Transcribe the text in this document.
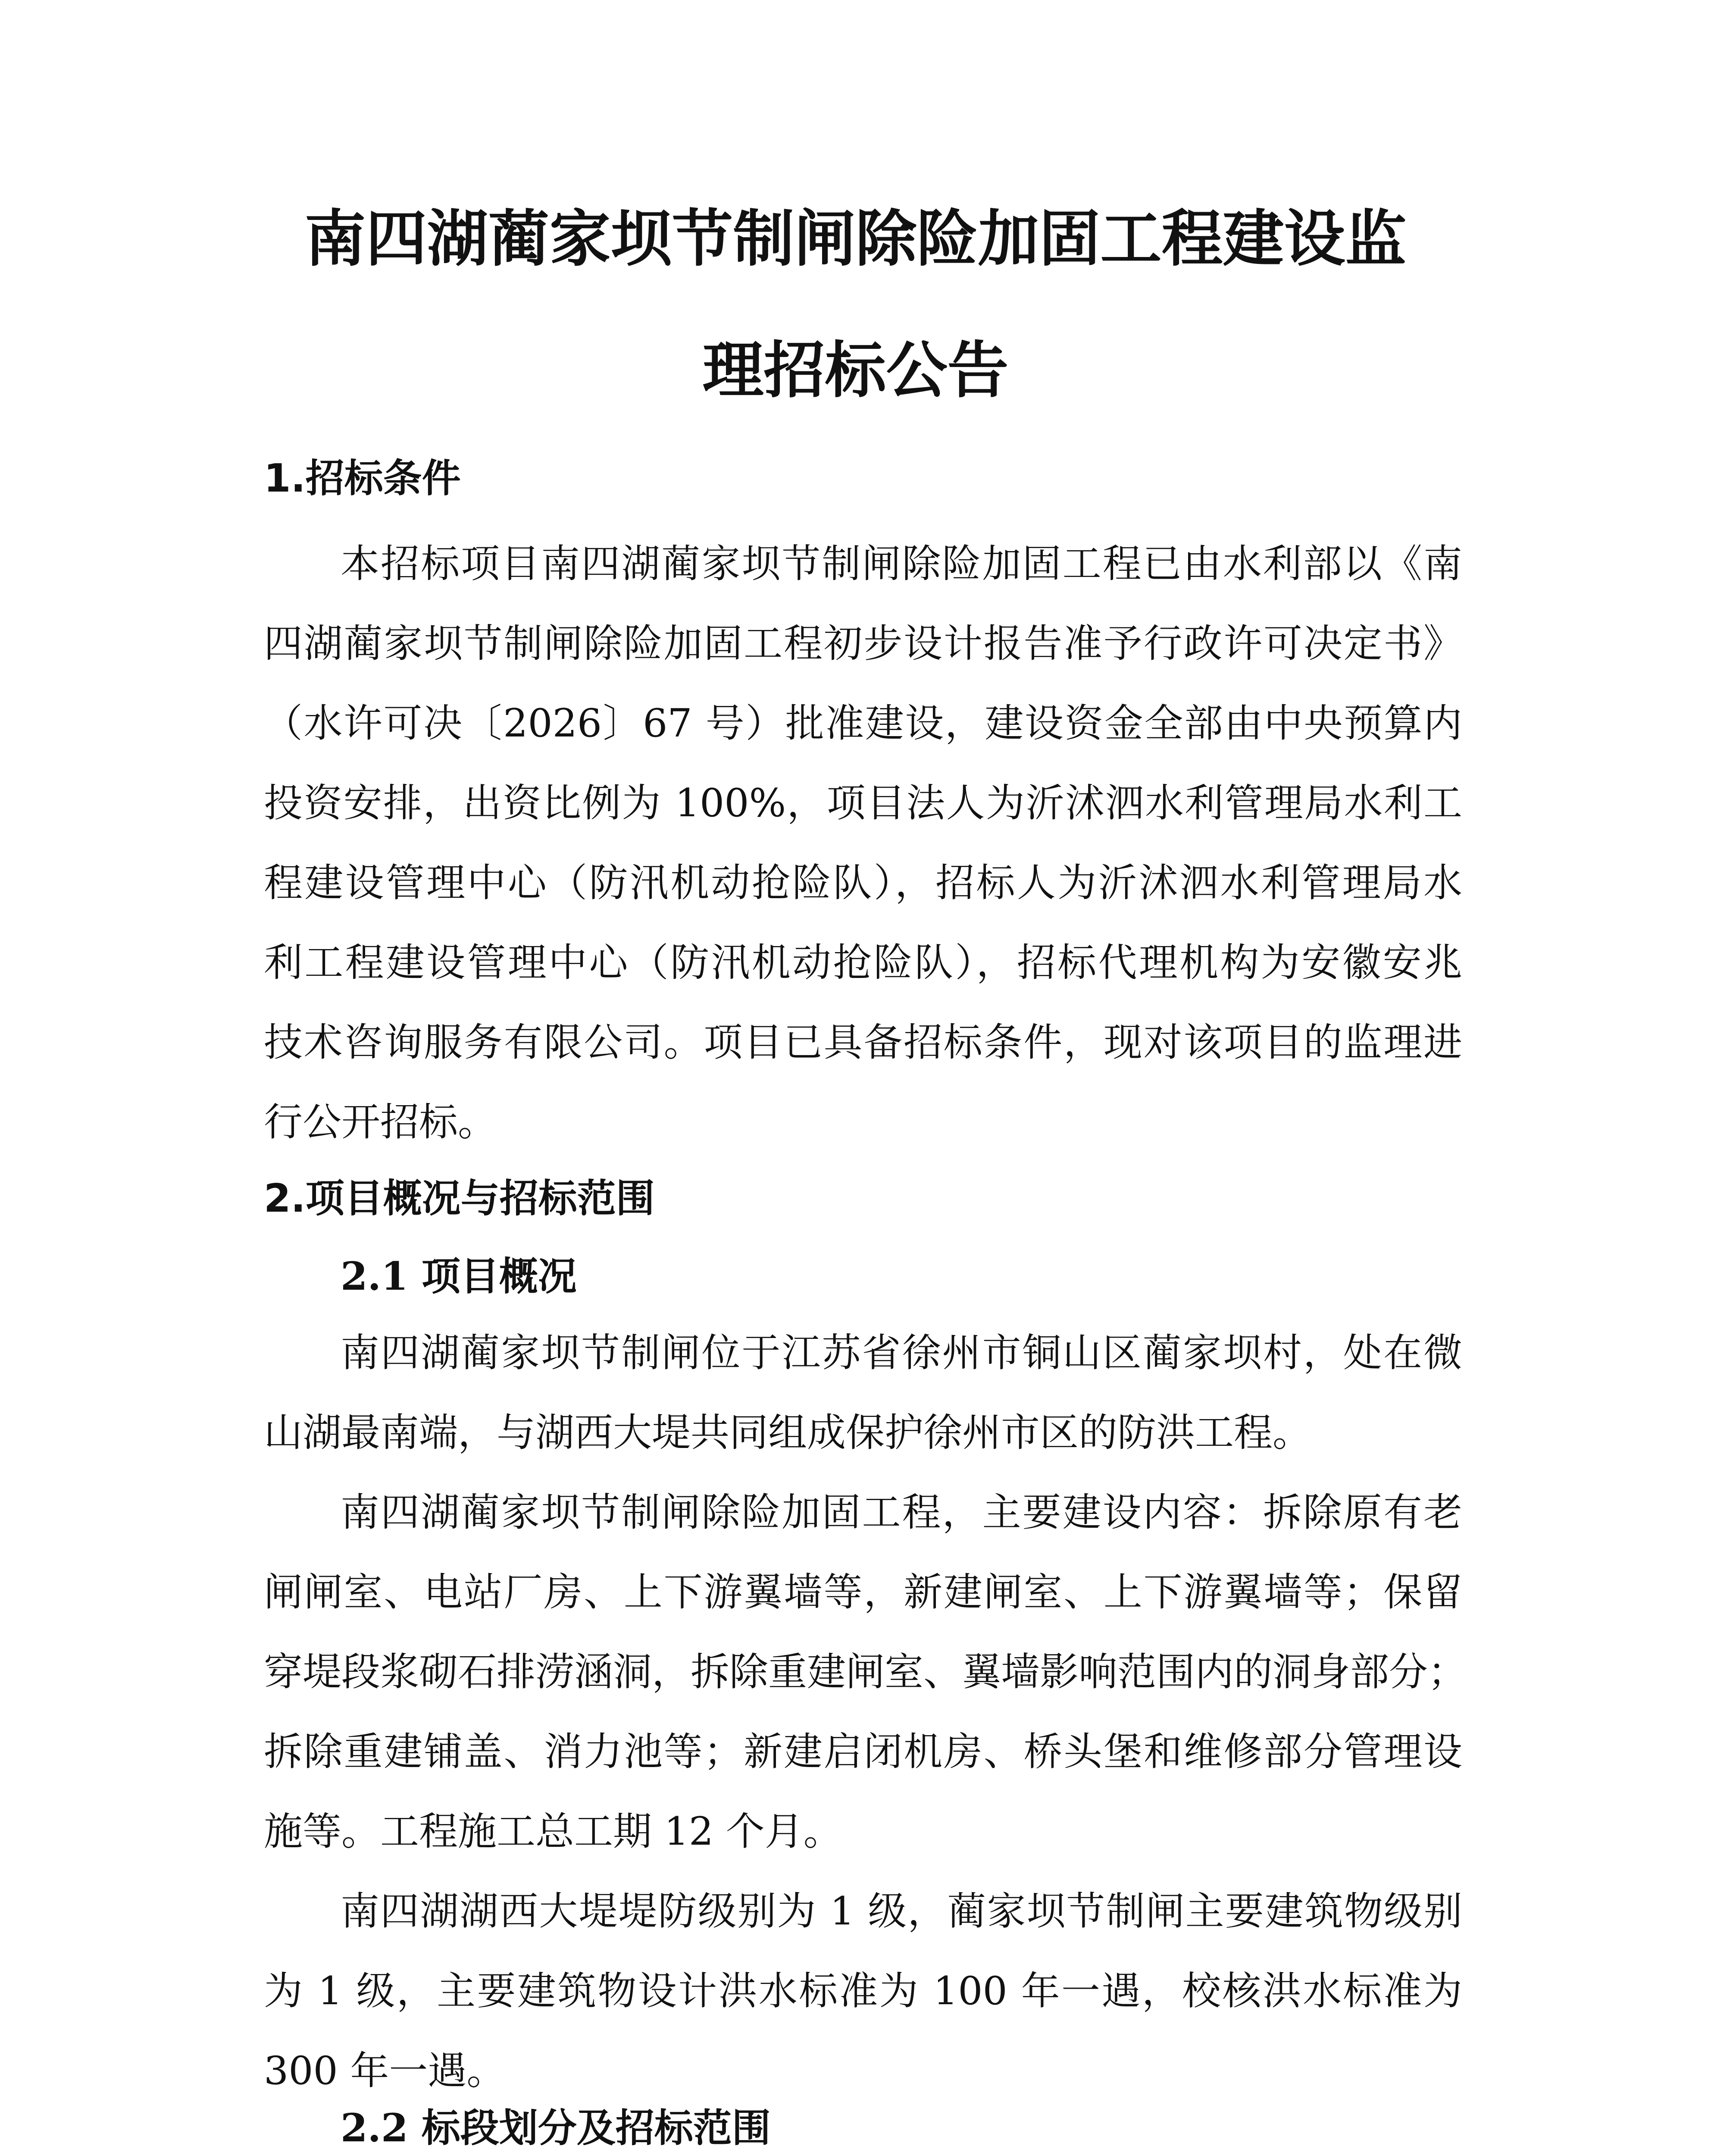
南四湖蔺家坝节制闸除险加固工程建设监
理招标公告
1.招标条件
本招标项目南四湖蔺家坝节制闸除险加固工程已由水利部以《南
四湖蔺家坝节制闸除险加固工程初步设计报告准予行政许可决定书》
（水许可决〔2026〕67 号）批准建设，建设资金全部由中央预算内
投资安排，出资比例为 100%，项目法人为沂沭泗水利管理局水利工
程建设管理中心（防汛机动抢险队），招标人为沂沭泗水利管理局水
利工程建设管理中心（防汛机动抢险队），招标代理机构为安徽安兆
技术咨询服务有限公司。项目已具备招标条件，现对该项目的监理进
行公开招标。
2.项目概况与招标范围
2.1 项目概况
南四湖蔺家坝节制闸位于江苏省徐州市铜山区蔺家坝村，处在微
山湖最南端，与湖西大堤共同组成保护徐州市区的防洪工程。
南四湖蔺家坝节制闸除险加固工程，主要建设内容：拆除原有老
闸闸室、电站厂房、上下游翼墙等，新建闸室、上下游翼墙等；保留
穿堤段浆砌石排涝涵洞，拆除重建闸室、翼墙影响范围内的洞身部分；
拆除重建铺盖、消力池等；新建启闭机房、桥头堡和维修部分管理设
施等。工程施工总工期 12 个月。
南四湖湖西大堤堤防级别为 1 级，蔺家坝节制闸主要建筑物级别
为 1 级，主要建筑物设计洪水标准为 100 年一遇，校核洪水标准为
300 年一遇。
2.2 标段划分及招标范围
